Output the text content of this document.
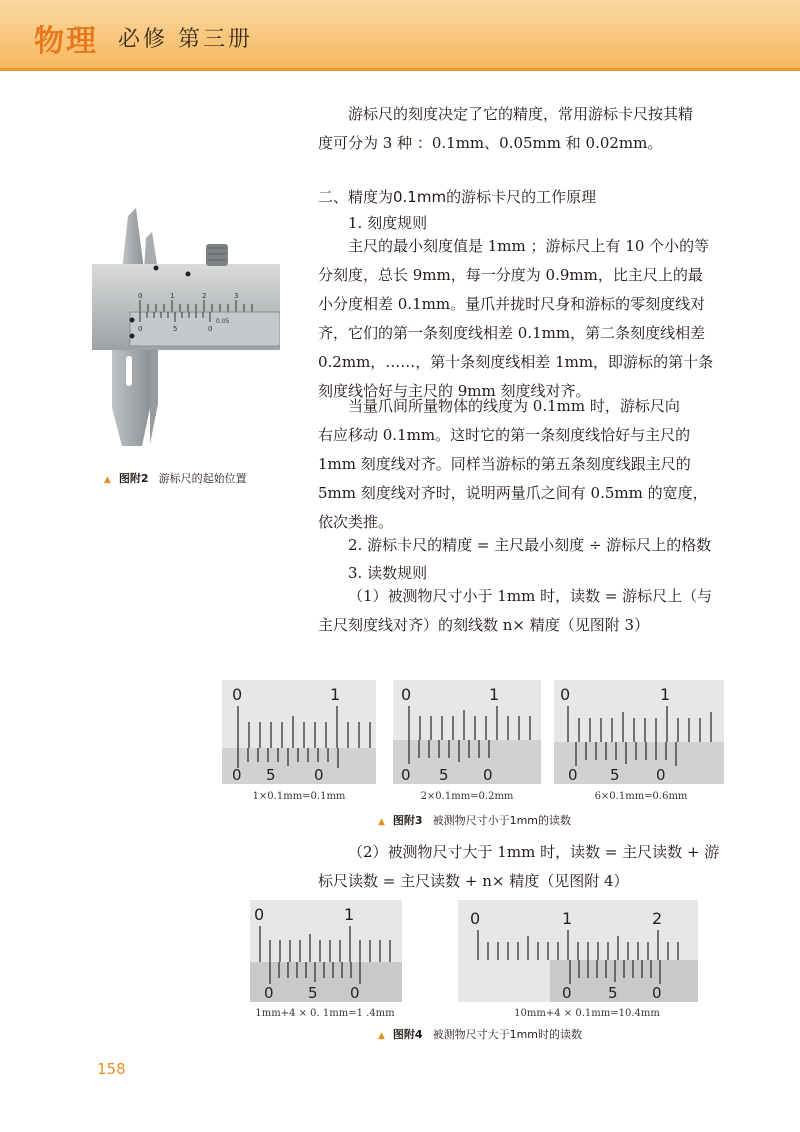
物理 必修 第三册

游标尺的刻度决定了它的精度，常用游标卡尺按其精
度可分为 3 种 ：0.1mm、0.05mm 和 0.02mm。

二、精度为0.1mm的游标卡尺的工作原理
1. 刻度规则

主尺的最小刻度值是 1mm ；游标尺上有 10 个小的等
分刻度，总长 9mm，每一分度为 0.9mm，比主尺上的最
小分度相差 0.1mm。量爪并拢时尺身和游标的零刻度线对
齐，它们的第一条刻度线相差 0.1mm，第二条刻度线相差
0.2mm，……，第十条刻度线相差 1mm，即游标的第十条
刻度线恰好与主尺的 9mm 刻度线对齐。

当量爪间所量物体的线度为 0.1mm 时，游标尺向
右应移动 0.1mm。这时它的第一条刻度线恰好与主尺的
1mm 刻度线对齐。同样当游标的第五条刻度线跟主尺的
5mm 刻度线对齐时，说明两量爪之间有 0.5mm 的宽度，
依次类推。

2. 游标卡尺的精度 = 主尺最小刻度 ÷ 游标尺上的格数
3. 读数规则

（1）被测物尺寸小于 1mm 时，读数 = 游标尺上（与
主尺刻度线对齐）的刻线数 n× 精度（见图附 3）

（2）被测物尺寸大于 1mm 时，读数 = 主尺读数 + 游
标尺读数 = 主尺读数 + n× 精度（见图附 4）

0	1	2	3
0	5	0
0.05
▲ 图附2 游标尺的起始位置
0	1
0 5	0
0	1
0 5 0
0	1
0 5 0
1×0.1mm=0.1mm	2×0.1mm=0.2mm	6×0.1mm=0.6mm
▲ 图附3 被测物尺寸小于1mm的读数
0	1
0 5 0
0	1	2
0 5 0
1mm+4 × 0. 1mm=1 .4mm	10mm+4 × 0.1mm=10.4mm
▲ 图附4 被测物尺寸大于1mm时的读数
158
